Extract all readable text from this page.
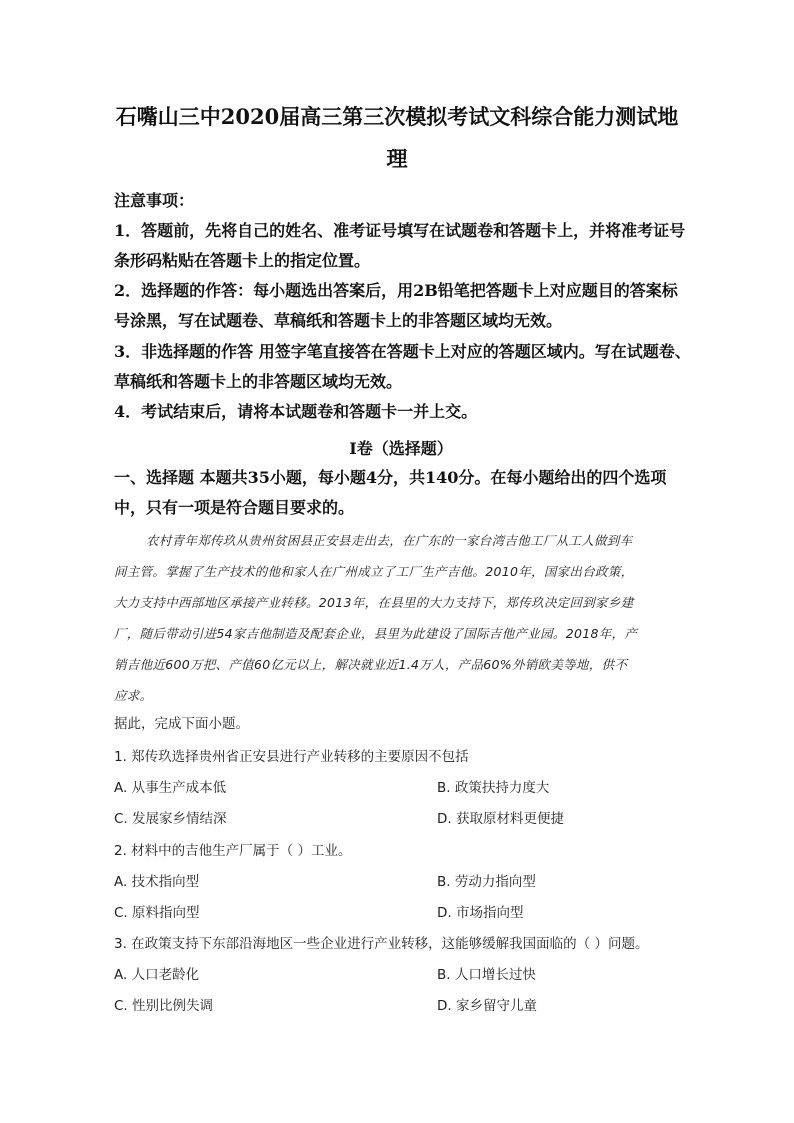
石嘴山三中2020届高三第三次模拟考试文科综合能力测试地
理
注意事项：
1．答题前，先将自己的姓名、准考证号填写在试题卷和答题卡上，并将准考证号
条形码粘贴在答题卡上的指定位置。
2．选择题的作答：每小题选出答案后，用2B铅笔把答题卡上对应题目的答案标
号涂黑，写在试题卷、草稿纸和答题卡上的非答题区域均无效。
3．非选择题的作答 用签字笔直接答在答题卡上对应的答题区域内。写在试题卷、
草稿纸和答题卡上的非答题区域均无效。
4．考试结束后，请将本试题卷和答题卡一并上交。
Ⅰ卷（选择题）
一、选择题 本题共35小题，每小题4分，共140分。在每小题给出的四个选项
中，只有一项是符合题目要求的。
农村青年郑传玖从贵州贫困县正安县走出去，在广东的一家台湾吉他工厂从工人做到车
间主管。掌握了生产技术的他和家人在广州成立了工厂生产吉他。2010年，国家出台政策，
大力支持中西部地区承接产业转移。2013年，在县里的大力支持下，郑传玖决定回到家乡建
厂，随后带动引进54家吉他制造及配套企业，县里为此建设了国际吉他产业园。2018年，产
销吉他近600万把、产值60亿元以上，解决就业近1.4万人，产品60%外销欧美等地，供不
应求。
据此，完成下面小题。
1. 郑传玖选择贵州省正安县进行产业转移的主要原因不包括
A. 从事生产成本低	B. 政策扶持力度大
C. 发展家乡情结深	D. 获取原材料更便捷
2. 材料中的吉他生产厂属于（ ）工业。
A. 技术指向型	B. 劳动力指向型
C. 原料指向型	D. 市场指向型
3. 在政策支持下东部沿海地区一些企业进行产业转移，这能够缓解我国面临的（ ）问题。
A. 人口老龄化	B. 人口增长过快
C. 性别比例失调	D. 家乡留守儿童
